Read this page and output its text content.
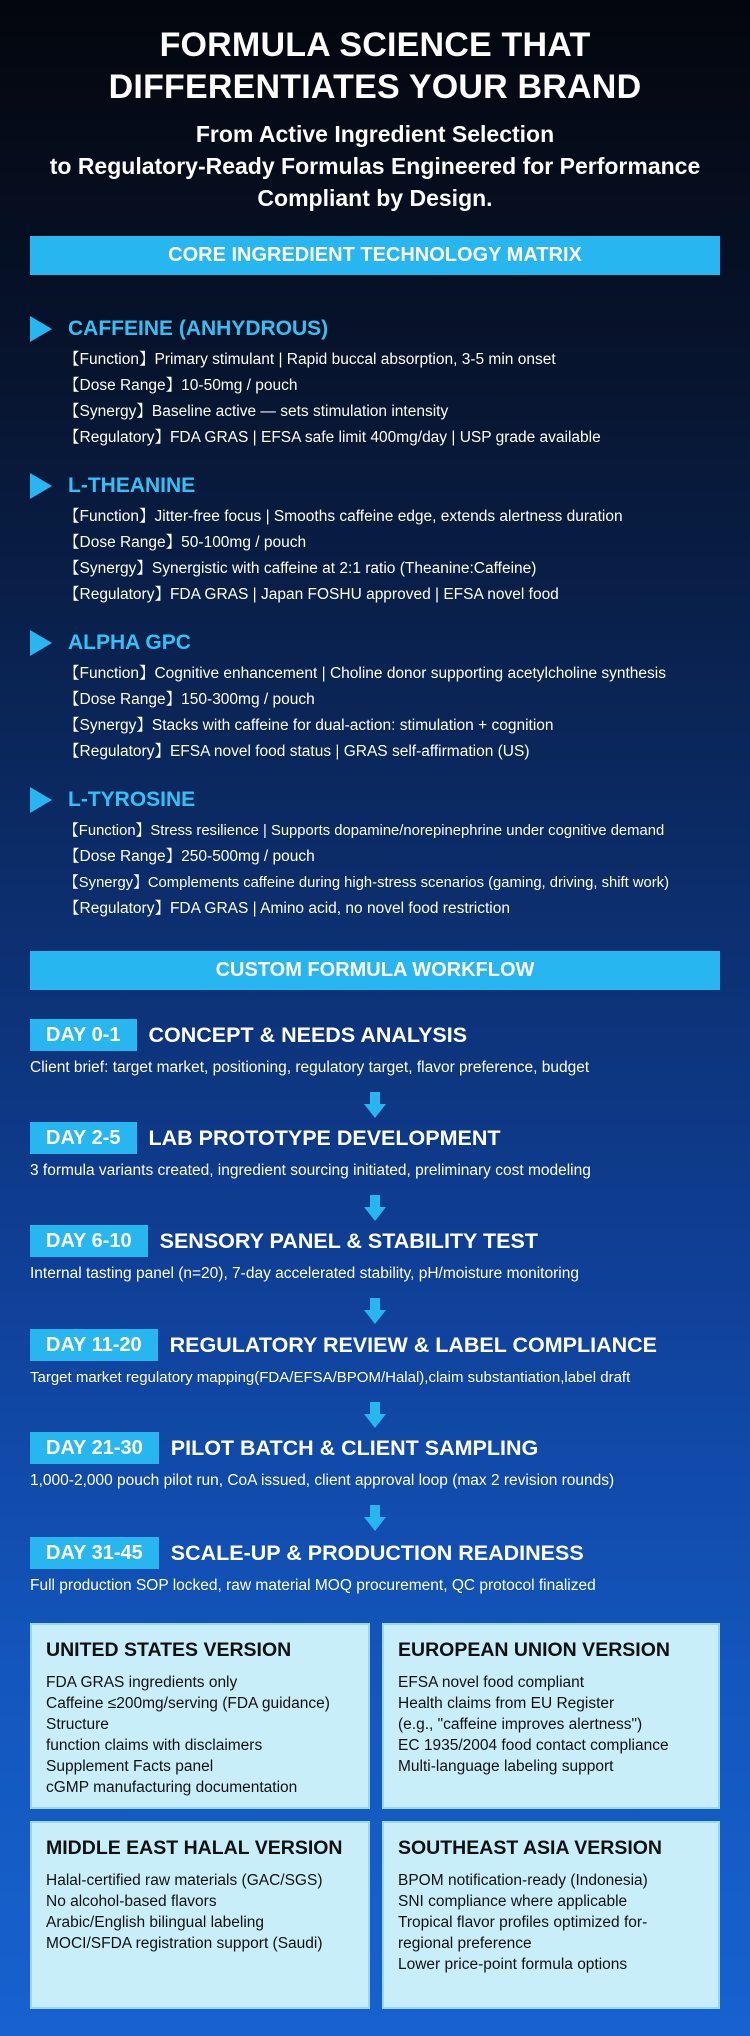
FORMULA SCIENCE THAT
DIFFERENTIATES YOUR BRAND
From Active Ingredient Selection
to Regulatory-Ready Formulas Engineered for Performance
Compliant by Design.
CORE INGREDIENT TECHNOLOGY MATRIX
CAFFEINE (ANHYDROUS)
【Function】Primary stimulant | Rapid buccal absorption, 3-5 min onset
【Dose Range】10-50mg / pouch
【Synergy】Baseline active — sets stimulation intensity
【Regulatory】FDA GRAS | EFSA safe limit 400mg/day | USP grade available
L-THEANINE
【Function】Jitter-free focus | Smooths caffeine edge, extends alertness duration
【Dose Range】50-100mg / pouch
【Synergy】Synergistic with caffeine at 2:1 ratio (Theanine:Caffeine)
【Regulatory】FDA GRAS | Japan FOSHU approved | EFSA novel food
ALPHA GPC
【Function】Cognitive enhancement | Choline donor supporting acetylcholine synthesis
【Dose Range】150-300mg / pouch
【Synergy】Stacks with caffeine for dual-action: stimulation + cognition
【Regulatory】EFSA novel food status | GRAS self-affirmation (US)
L-TYROSINE
【Function】Stress resilience | Supports dopamine/norepinephrine under cognitive demand
【Dose Range】250-500mg / pouch
【Synergy】Complements caffeine during high-stress scenarios (gaming, driving, shift work)
【Regulatory】FDA GRAS | Amino acid, no novel food restriction
CUSTOM FORMULA WORKFLOW
DAY 0-1	CONCEPT & NEEDS ANALYSIS
Client brief: target market, positioning, regulatory target, flavor preference, budget
DAY 2-5	LAB PROTOTYPE DEVELOPMENT
3 formula variants created, ingredient sourcing initiated, preliminary cost modeling
DAY 6-10	SENSORY PANEL & STABILITY TEST
Internal tasting panel (n=20), 7-day accelerated stability, pH/moisture monitoring
DAY 11-20	REGULATORY REVIEW & LABEL COMPLIANCE
Target market regulatory mapping(FDA/EFSA/BPOM/Halal),claim substantiation,label draft
DAY 21-30	PILOT BATCH & CLIENT SAMPLING
1,000-2,000 pouch pilot run, CoA issued, client approval loop (max 2 revision rounds)
DAY 31-45	SCALE-UP & PRODUCTION READINESS
Full production SOP locked, raw material MOQ procurement, QC protocol finalized
UNITED STATES VERSION
FDA GRAS ingredients only
Caffeine ≤200mg/serving (FDA guidance)
Structure
function claims with disclaimers
Supplement Facts panel
cGMP manufacturing documentation
EUROPEAN UNION VERSION
EFSA novel food compliant
Health claims from EU Register
(e.g., "caffeine improves alertness")
EC 1935/2004 food contact compliance
Multi-language labeling support
MIDDLE EAST HALAL VERSION
Halal-certified raw materials (GAC/SGS)
No alcohol-based flavors
Arabic/English bilingual labeling
MOCI/SFDA registration support (Saudi)
SOUTHEAST ASIA VERSION
BPOM notification-ready (Indonesia)
SNI compliance where applicable
Tropical flavor profiles optimized for-
regional preference
Lower price-point formula options
